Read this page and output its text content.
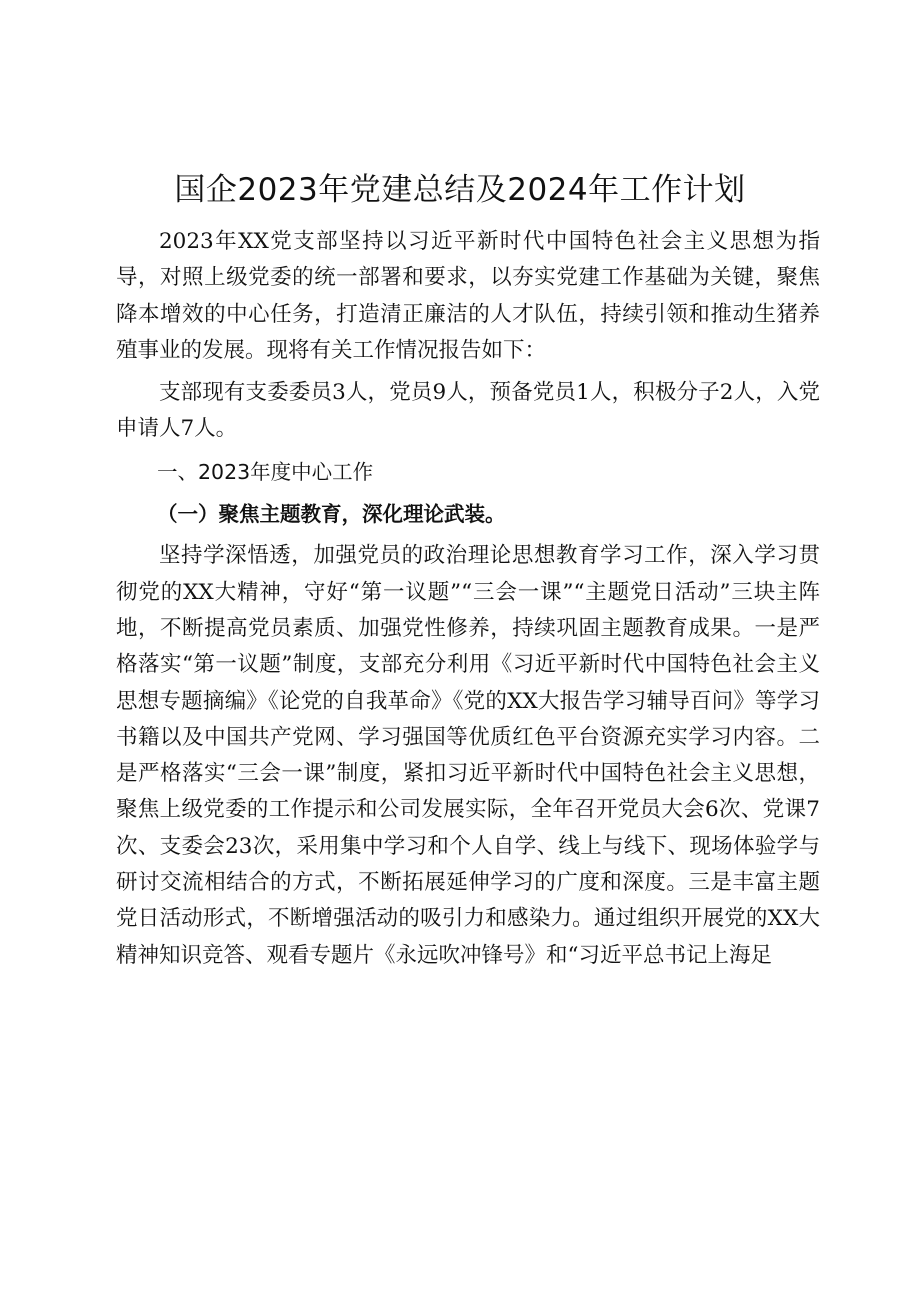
国企2023年党建总结及2024年工作计划

2023年XX党支部坚持以习近平新时代中国特色社会主义思想为指导，对照上级党委的统一部署和要求，以夯实党建工作基础为关键，聚焦降本增效的中心任务，打造清正廉洁的人才队伍，持续引领和推动生猪养殖事业的发展。现将有关工作情况报告如下：

支部现有支委委员3人，党员9人，预备党员1人，积极分子2人，入党申请人7人。

一、2023年度中心工作

（一）聚焦主题教育，深化理论武装。

坚持学深悟透，加强党员的政治理论思想教育学习工作，深入学习贯彻党的XX大精神，守好“第一议题”“三会一课”“主题党日活动”三块主阵地，不断提高党员素质、加强党性修养，持续巩固主题教育成果。一是严格落实“第一议题”制度，支部充分利用《习近平新时代中国特色社会主义思想专题摘编》《论党的自我革命》《党的XX大报告学习辅导百问》等学习书籍以及中国共产党网、学习强国等优质红色平台资源充实学习内容。二是严格落实“三会一课”制度，紧扣习近平新时代中国特色社会主义思想，聚焦上级党委的工作提示和公司发展实际，全年召开党员大会6次、党课7次、支委会23次，采用集中学习和个人自学、线上与线下、现场体验学与研讨交流相结合的方式，不断拓展延伸学习的广度和深度。三是丰富主题党日活动形式，不断增强活动的吸引力和感染力。通过组织开展党的XX大精神知识竞答、观看专题片《永远吹冲锋号》和“习近平总书记上海足
